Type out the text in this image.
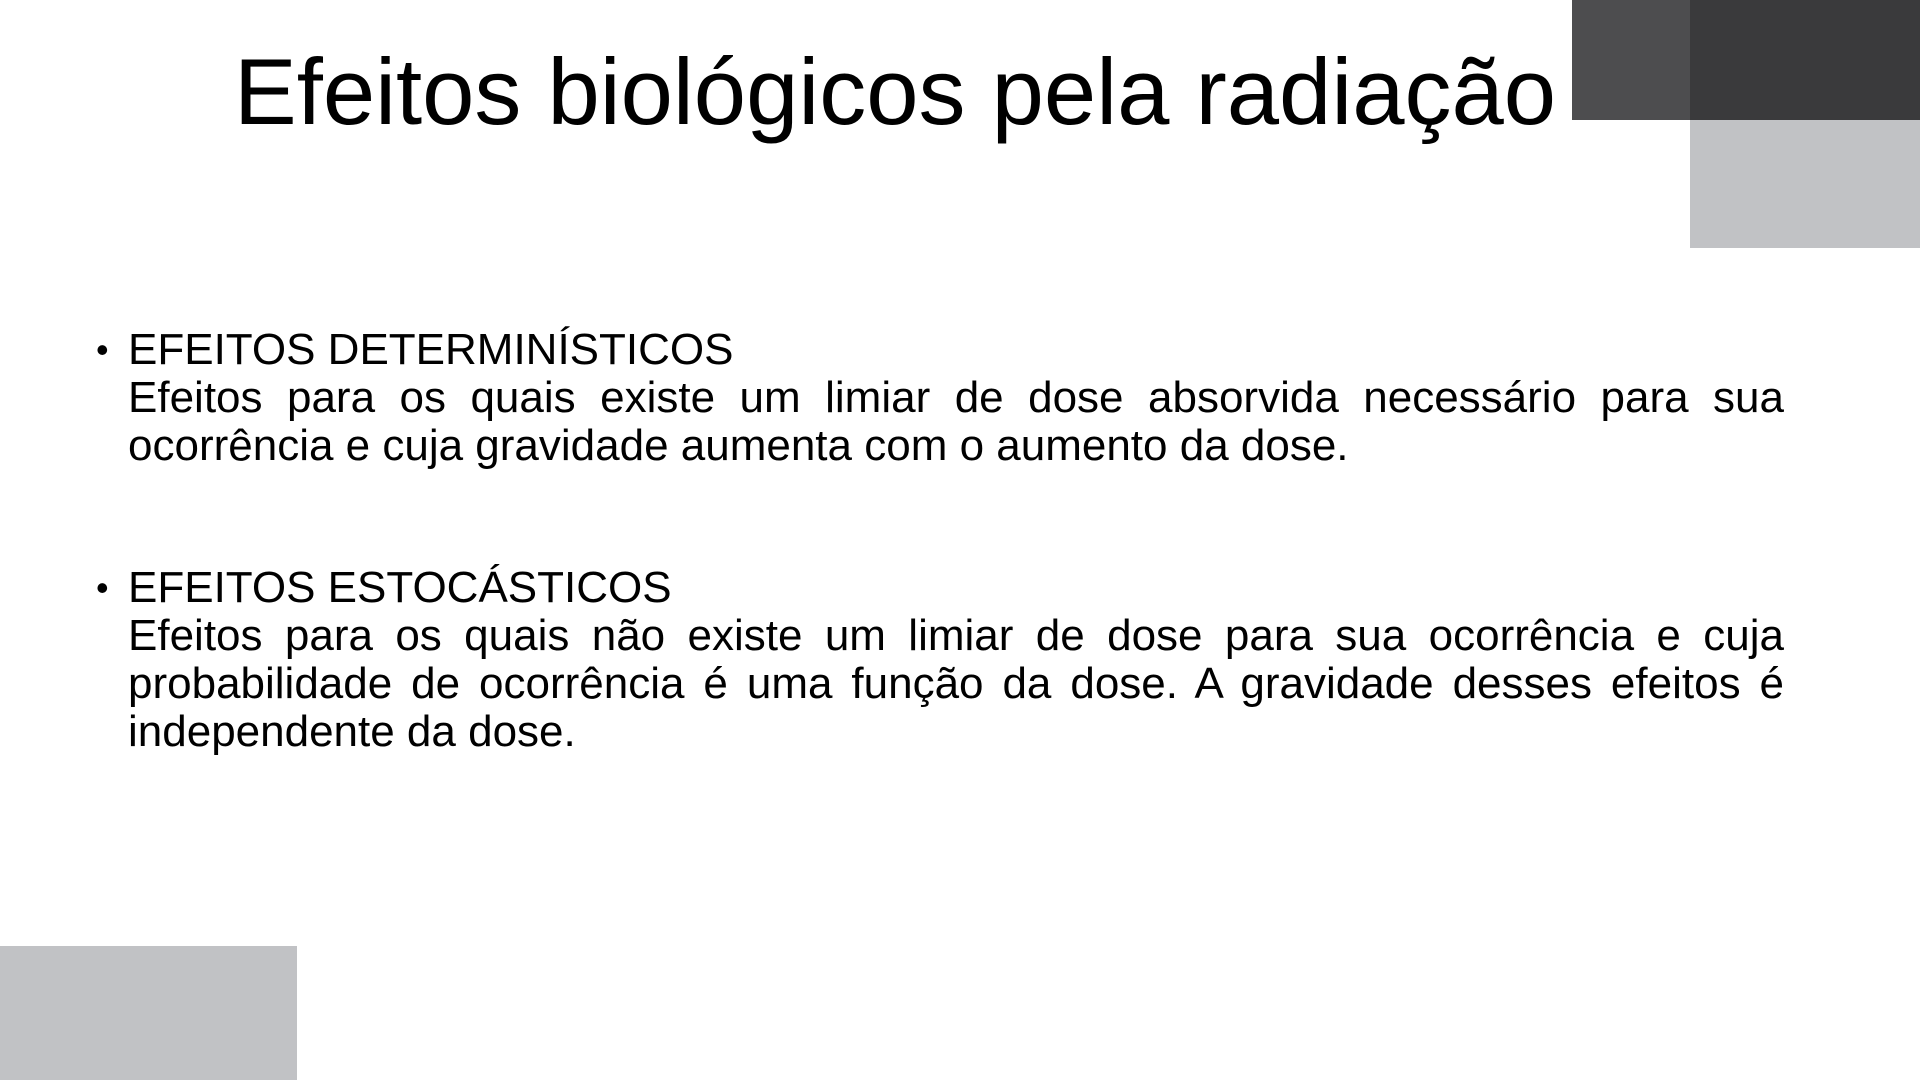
Efeitos biológicos pela radiação
• EFEITOS DETERMINÍSTICOS
Efeitos para os quais existe um limiar de dose absorvida necessário para sua ocorrência e cuja gravidade aumenta com o aumento da dose.
• EFEITOS ESTOCÁSTICOS
Efeitos para os quais não existe um limiar de dose para sua ocorrência e cuja probabilidade de ocorrência é uma função da dose. A gravidade desses efeitos é independente da dose.
